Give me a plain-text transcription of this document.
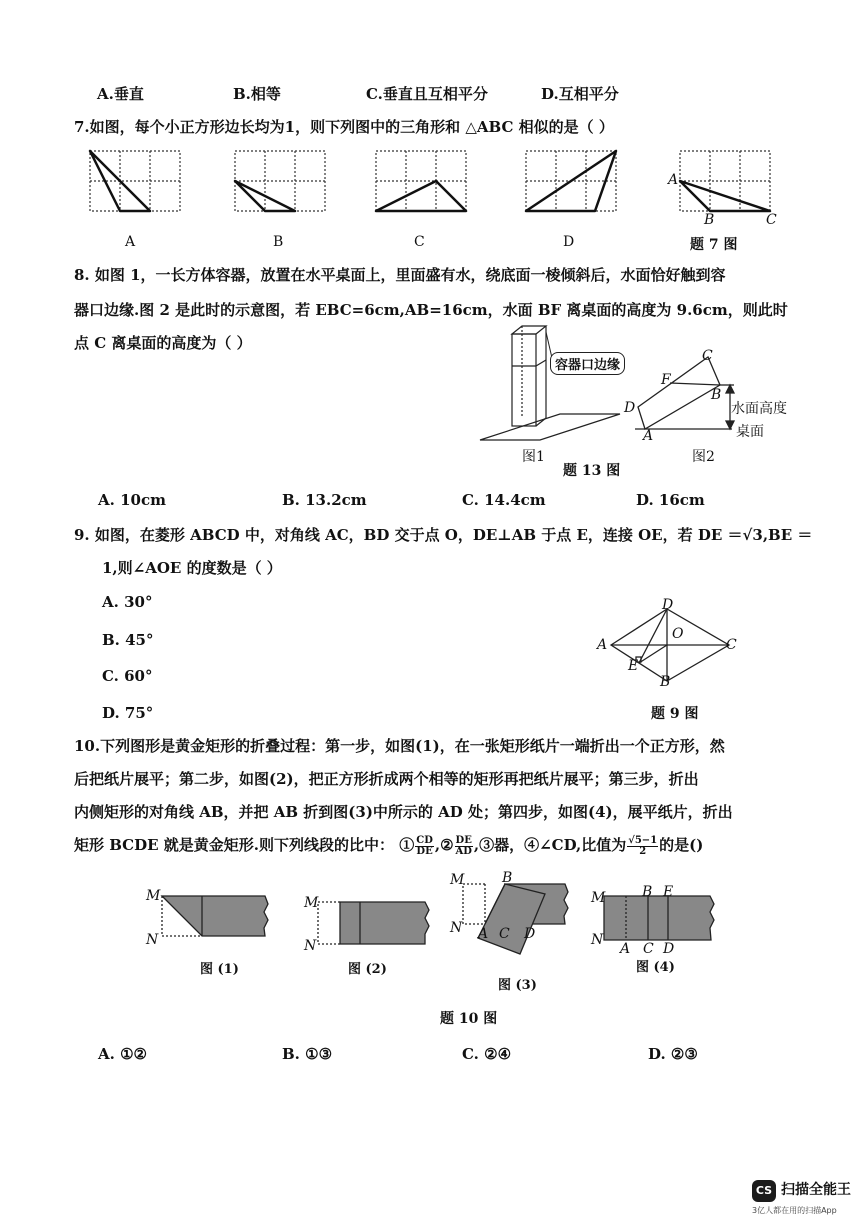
A.垂直	B.相等	C.垂直且互相平分	D.互相平分
7.如图，每个小正方形边长均为1，则下列图中的三角形和 △ABC 相似的是（ ）
A	B	C	D	题 7 图
A
B	C
8. 如图 1，一长方体容器，放置在水平桌面上，里面盛有水，绕底面一棱倾斜后，水面恰好触到容
器口边缘.图 2 是此时的示意图，若 EBC=6cm,AB=16cm，水面 BF 离桌面的高度为 9.6cm，则此时
点 C 离桌面的高度为（ ）
容器口边缘
图1
题 13 图
C
F
B
D
A
水面高度
桌面
图2
A. 10cm	B. 13.2cm	C. 14.4cm	D. 16cm
9. 如图，在菱形 ABCD 中，对角线 AC，BD 交于点 O，DE⊥AB 于点 E，连接 OE，若 DE ＝√3,BE ＝
1,则∠AOE 的度数是（ ）
A. 30°
B. 45°
C. 60°
D. 75°
D
A
O
C
E
B
题 9 图
10.下列图形是黄金矩形的折叠过程：第一步，如图(1)，在一张矩形纸片一端折出一个正方形，然
后把纸片展平；第二步，如图(2)，把正方形折成两个相等的矩形再把纸片展平；第三步，折出
内侧矩形的对角线 AB，并把 AB 折到图(3)中所示的 AD 处；第四步，如图(4)，展平纸片，折出
矩形 BCDE 就是黄金矩形.则下列线段的比中： ① $\frac{CD}{DE}$ ,② $\frac{DE}{AD}$ ,③器，④∠CD,比值为 $\frac{√5-1}{2}$ 的是()
M
N
M
N
M	B
N A C D
M	B E
N
A C D
图 (1)	图 (2)
图 (3)
图 (4)
题 10 图
A. ①②	B. ①③	C. ②④	D. ②③
CS 扫描全能王
3亿人都在用的扫描App
